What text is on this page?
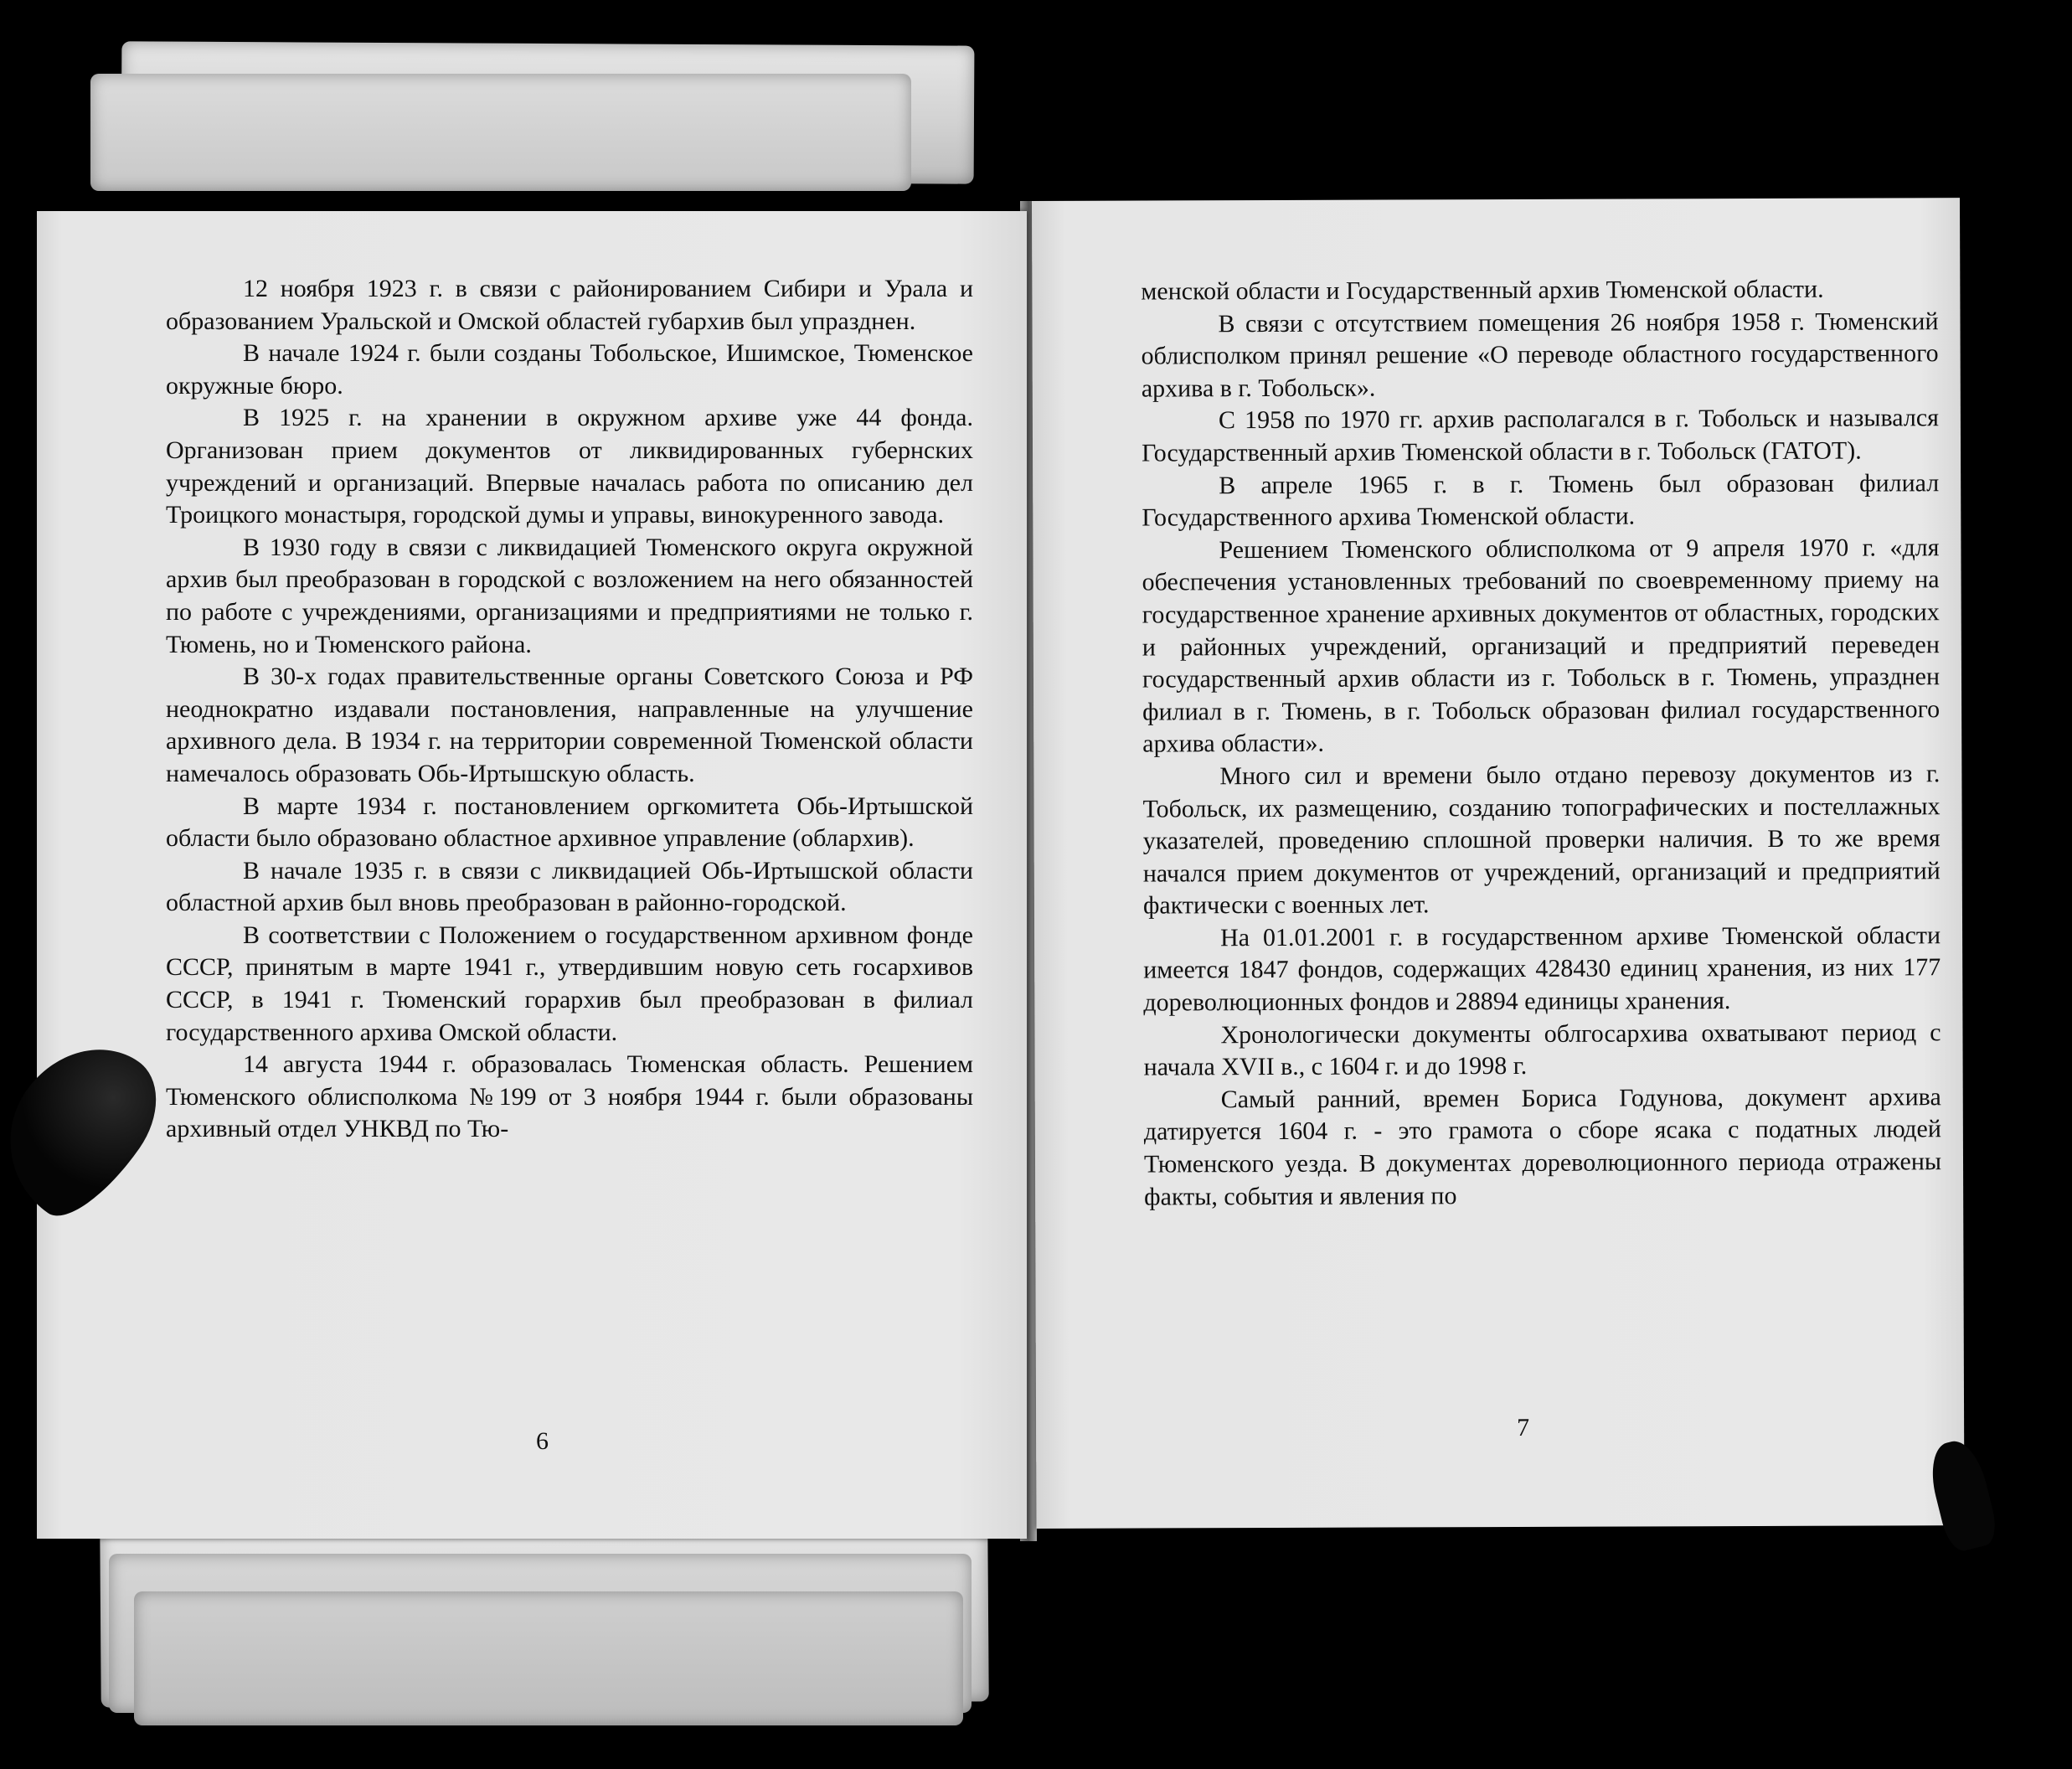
12 ноября 1923 г. в связи с районированием Сибири и Урала и образованием Уральской и Омской областей губархив был упразднен.

В начале 1924 г. были созданы Тобольское, Ишимское, Тюменское окружные бюро.

В 1925 г. на хранении в окружном архиве уже 44 фонда. Организован прием документов от ликвидированных губернских учреждений и организаций. Впервые началась работа по описанию дел Троицкого монастыря, городской думы и управы, винокуренного завода.

В 1930 году в связи с ликвидацией Тюменского округа окружной архив был преобразован в городской с возложением на него обязанностей по работе с учреждениями, организациями и предприятиями не только г. Тюмень, но и Тюменского района.

В 30-х годах правительственные органы Советского Союза и РФ неоднократно издавали постановления, направленные на улучшение архивного дела. В 1934 г. на территории современной Тюменской области намечалось образовать Обь-Иртышскую область.

В марте 1934 г. постановлением оргкомитета Обь-Иртышской области было образовано областное архивное управление (облархив).

В начале 1935 г. в связи с ликвидацией Обь-Иртышской области областной архив был вновь преобразован в районно-городской.

В соответствии с Положением о государственном архивном фонде СССР, принятым в марте 1941 г., утвердившим новую сеть госархивов СССР, в 1941 г. Тюменский горархив был преобразован в филиал государственного архива Омской области.

14 августа 1944 г. образовалась Тюменская область. Решением Тюменского облисполкома №199 от 3 ноября 1944 г. были образованы архивный отдел УНКВД по Тю-

6

менской области и Государственный архив Тюменской области.

В связи с отсутствием помещения 26 ноября 1958 г. Тюменский облисполком принял решение «О переводе областного государственного архива в г. Тобольск».

С 1958 по 1970 гг. архив располагался в г. Тобольск и назывался Государственный архив Тюменской области в г. Тобольск (ГАТОТ).

В апреле 1965 г. в г. Тюмень был образован филиал Государственного архива Тюменской области.

Решением Тюменского облисполкома от 9 апреля 1970 г. «для обеспечения установленных требований по своевременному приему на государственное хранение архивных документов от областных, городских и районных учреждений, организаций и предприятий переведен государственный архив области из г. Тобольск в г. Тюмень, упразднен филиал в г. Тюмень, в г. Тобольск образован филиал государственного архива области».

Много сил и времени было отдано перевозу документов из г. Тобольск, их размещению, созданию топографических и постеллажных указателей, проведению сплошной проверки наличия. В то же время начался прием документов от учреждений, организаций и предприятий фактически с военных лет.

На 01.01.2001 г. в государственном архиве Тюменской области имеется 1847 фондов, содержащих 428430 единиц хранения, из них 177 дореволюционных фондов и 28894 единицы хранения.

Хронологически документы облгосархива охватывают период с начала XVII в., с 1604 г. и до 1998 г.

Самый ранний, времен Бориса Годунова, документ архива датируется 1604 г. - это грамота о сборе ясака с податных людей Тюменского уезда. В документах дореволюционного периода отражены факты, события и явления по

7
